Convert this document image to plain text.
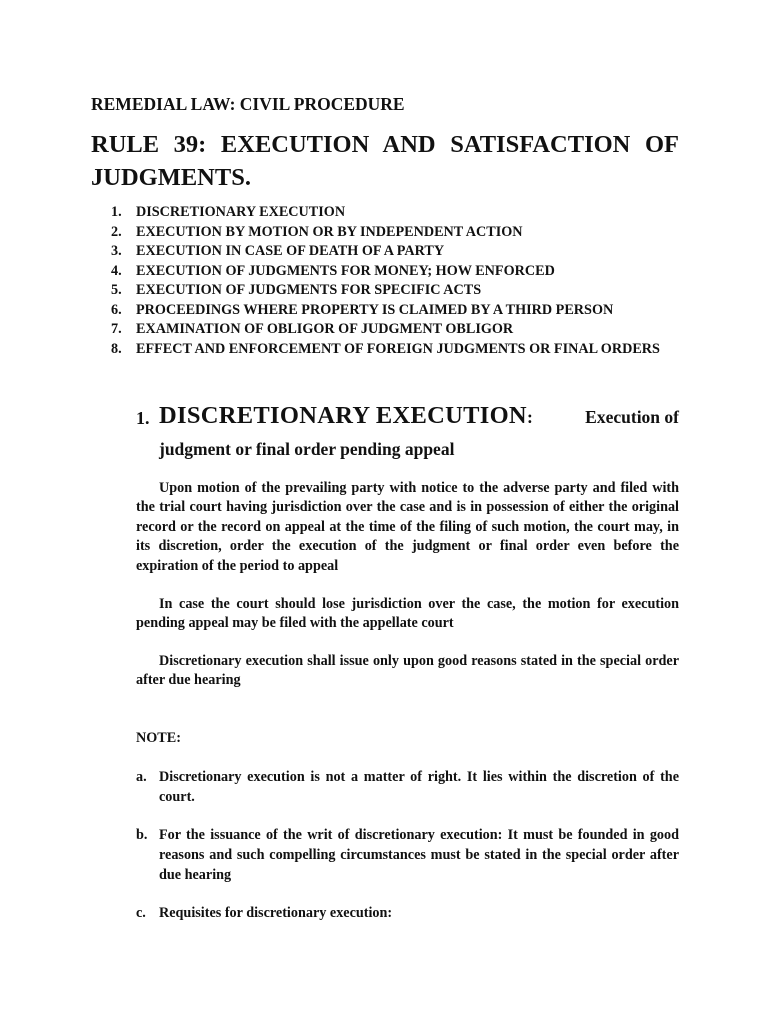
REMEDIAL LAW: CIVIL PROCEDURE
RULE 39: EXECUTION AND SATISFACTION OF JUDGMENTS.
1. DISCRETIONARY EXECUTION
2. EXECUTION BY MOTION OR BY INDEPENDENT ACTION
3. EXECUTION IN CASE OF DEATH OF A PARTY
4. EXECUTION OF JUDGMENTS FOR MONEY; HOW ENFORCED
5. EXECUTION OF JUDGMENTS FOR SPECIFIC ACTS
6. PROCEEDINGS WHERE PROPERTY IS CLAIMED BY A THIRD PERSON
7. EXAMINATION OF OBLIGOR OF JUDGMENT OBLIGOR
8. EFFECT AND ENFORCEMENT OF FOREIGN JUDGMENTS OR FINAL ORDERS
1. DISCRETIONARY EXECUTION:	Execution of
judgment or final order pending appeal

Upon motion of the prevailing party with notice to the adverse party and filed with the trial court having jurisdiction over the case and is in possession of either the original record or the record on appeal at the time of the filing of such motion, the court may, in its discretion, order the execution of the judgment or final order even before the expiration of the period to appeal

In case the court should lose jurisdiction over the case, the motion for execution pending appeal may be filed with the appellate court

Discretionary execution shall issue only upon good reasons stated in the special order after due hearing

NOTE:
a. Discretionary execution is not a matter of right. It lies within the discretion of the court.
b. For the issuance of the writ of discretionary execution: It must be founded in good reasons and such compelling circumstances must be stated in the special order after due hearing
c. Requisites for discretionary execution:
